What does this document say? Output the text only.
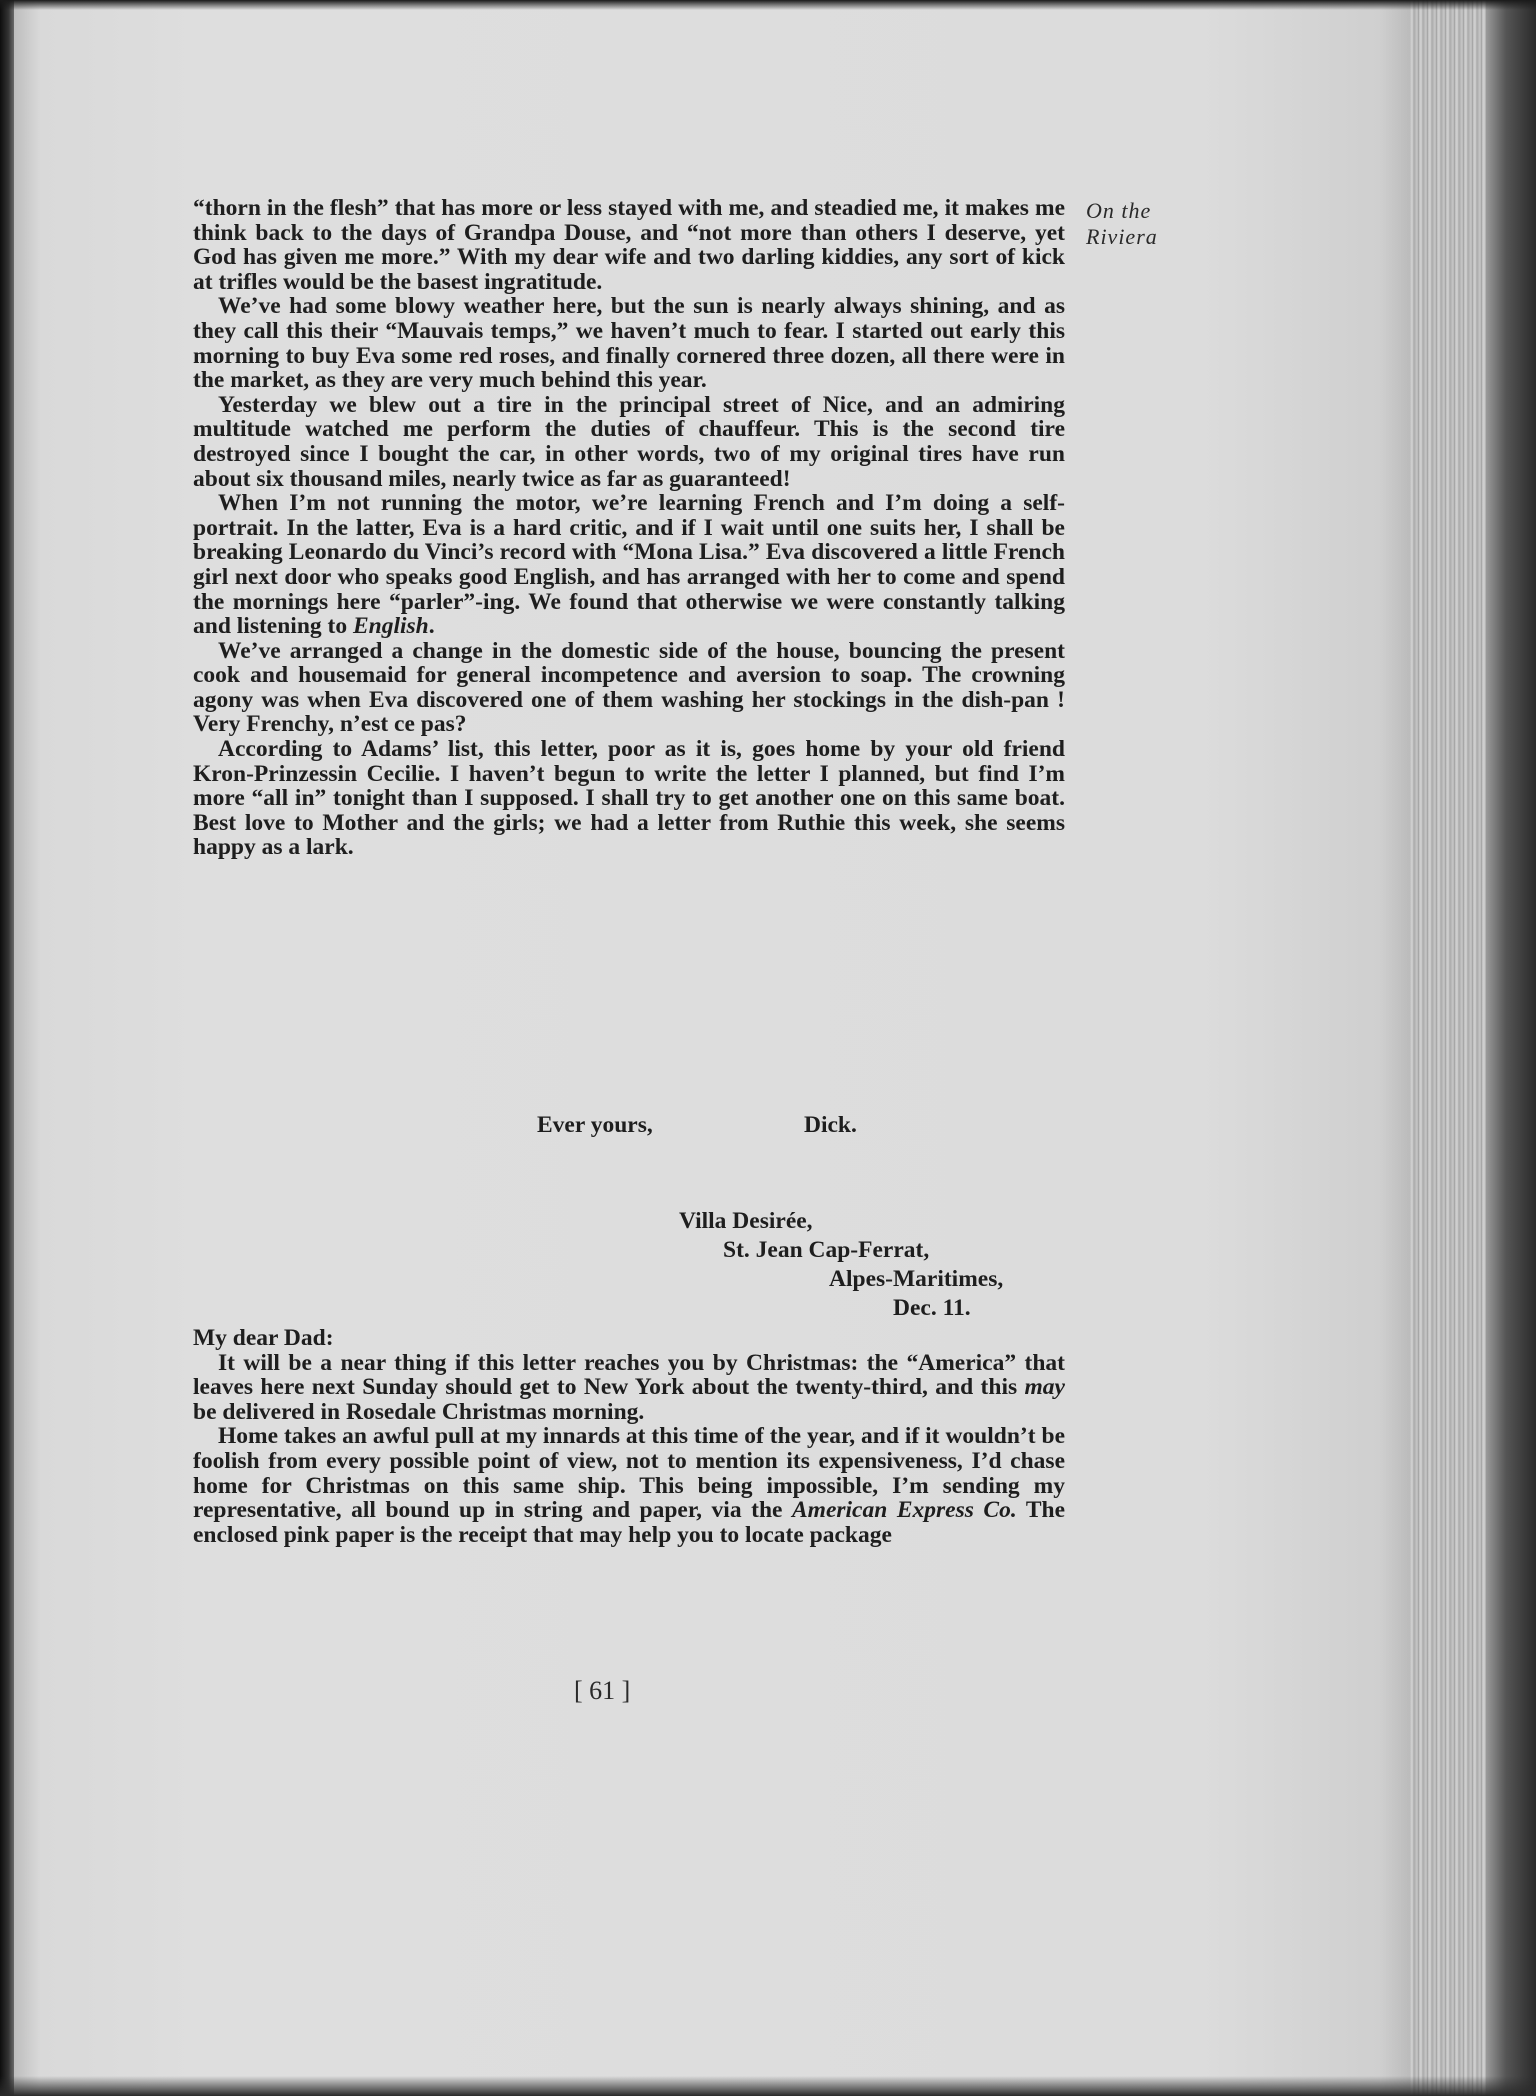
On the
Riviera

“thorn in the flesh” that has more or less stayed with me, and steadied me, it makes me think back to the days of Grandpa Douse, and “not more than others I deserve, yet God has given me more.” With my dear wife and two darling kiddies, any sort of kick at trifles would be the basest ingratitude.

We’ve had some blowy weather here, but the sun is nearly always shining, and as they call this their “Mauvais temps,” we haven’t much to fear. I started out early this morning to buy Eva some red roses, and finally cornered three dozen, all there were in the market, as they are very much behind this year.

Yesterday we blew out a tire in the principal street of Nice, and an admiring multitude watched me perform the duties of chauffeur. This is the second tire destroyed since I bought the car, in other words, two of my original tires have run about six thousand miles, nearly twice as far as guaranteed!

When I’m not running the motor, we’re learning French and I’m doing a self-portrait. In the latter, Eva is a hard critic, and if I wait until one suits her, I shall be breaking Leonardo du Vinci’s record with “Mona Lisa.” Eva discovered a little French girl next door who speaks good English, and has arranged with her to come and spend the mornings here “parler”-ing. We found that otherwise we were constantly talking and listening to English.

We’ve arranged a change in the domestic side of the house, bouncing the present cook and housemaid for general incompetence and aversion to soap. The crowning agony was when Eva discovered one of them washing her stockings in the dish-pan ! Very Frenchy, n’est ce pas?

According to Adams’ list, this letter, poor as it is, goes home by your old friend Kron-Prinzessin Cecilie. I haven’t begun to write the letter I planned, but find I’m more “all in” tonight than I supposed. I shall try to get another one on this same boat. Best love to Mother and the girls; we had a letter from Ruthie this week, she seems happy as a lark.

Ever yours,	Dick.
Villa Desirée,
St. Jean Cap-Ferrat,
Alpes-Maritimes,
Dec. 11.

My dear Dad:

It will be a near thing if this letter reaches you by Christmas: the “America” that leaves here next Sunday should get to New York about the twenty-third, and this may be delivered in Rosedale Christmas morning.

Home takes an awful pull at my innards at this time of the year, and if it wouldn’t be foolish from every possible point of view, not to mention its expensiveness, I’d chase home for Christmas on this same ship. This being impossible, I’m sending my representative, all bound up in string and paper, via the American Express Co. The enclosed pink paper is the receipt that may help you to locate package

[ 61 ]
